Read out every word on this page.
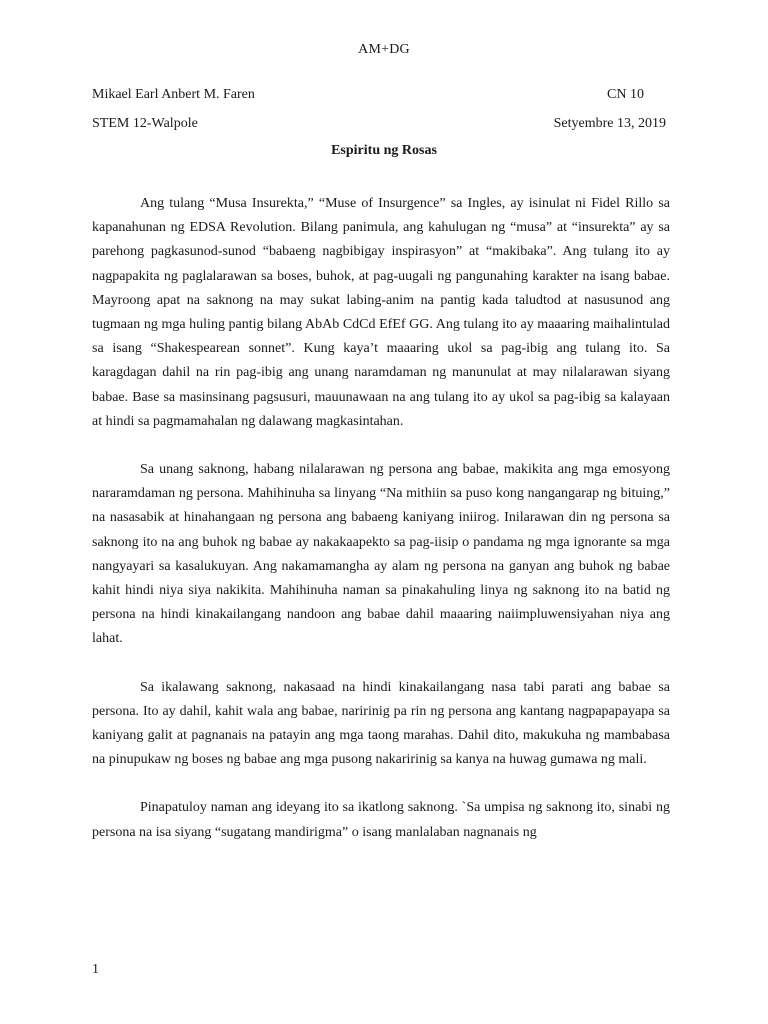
AM+DG
Mikael Earl Anbert M. Faren	CN 10
STEM 12-Walpole	Setyembre 13, 2019
Espiritu ng Rosas

Ang tulang “Musa Insurekta,” “Muse of Insurgence” sa Ingles, ay isinulat ni Fidel Rillo sa kapanahunan ng EDSA Revolution. Bilang panimula, ang kahulugan ng “musa” at “insurekta” ay sa parehong pagkasunod-sunod “babaeng nagbibigay inspirasyon” at “makibaka”. Ang tulang ito ay nagpapakita ng paglalarawan sa boses, buhok, at pag-uugali ng pangunahing karakter na isang babae. Mayroong apat na saknong na may sukat labing-anim na pantig kada taludtod at nasusunod ang tugmaan ng mga huling pantig bilang AbAb CdCd EfEf GG. Ang tulang ito ay maaaring maihalintulad sa isang “Shakespearean sonnet”. Kung kaya’t maaaring ukol sa pag-ibig ang tulang ito. Sa karagdagan dahil na rin pag-ibig ang unang naramdaman ng manunulat at may nilalarawan siyang babae. Base sa masinsinang pagsusuri, mauunawaan na ang tulang ito ay ukol sa pag-ibig sa kalayaan at hindi sa pagmamahalan ng dalawang magkasintahan.

Sa unang saknong, habang nilalarawan ng persona ang babae, makikita ang mga emosyong nararamdaman ng persona. Mahihinuha sa linyang “Na mithiin sa puso kong nangangarap ng bituing,” na nasasabik at hinahangaan ng persona ang babaeng kaniyang iniirog. Inilarawan din ng persona sa saknong ito na ang buhok ng babae ay nakakaapekto sa pag-iisip o pandama ng mga ignorante sa mga nangyayari sa kasalukuyan. Ang nakamamangha ay alam ng persona na ganyan ang buhok ng babae kahit hindi niya siya nakikita. Mahihinuha naman sa pinakahuling linya ng saknong ito na batid ng persona na hindi kinakailangang nandoon ang babae dahil maaaring naiimpluwensiyahan niya ang lahat.

Sa ikalawang saknong, nakasaad na hindi kinakailangang nasa tabi parati ang babae sa persona. Ito ay dahil, kahit wala ang babae, naririnig pa rin ng persona ang kantang nagpapapayapa sa kaniyang galit at pagnanais na patayin ang mga taong marahas. Dahil dito, makukuha ng mambabasa na pinupukaw ng boses ng babae ang mga pusong nakaririnig sa kanya na huwag gumawa ng mali.

Pinapatuloy naman ang ideyang ito sa ikatlong saknong. `Sa umpisa ng saknong ito, sinabi ng persona na isa siyang “sugatang mandirigma” o isang manlalaban nagnanais ng

1
